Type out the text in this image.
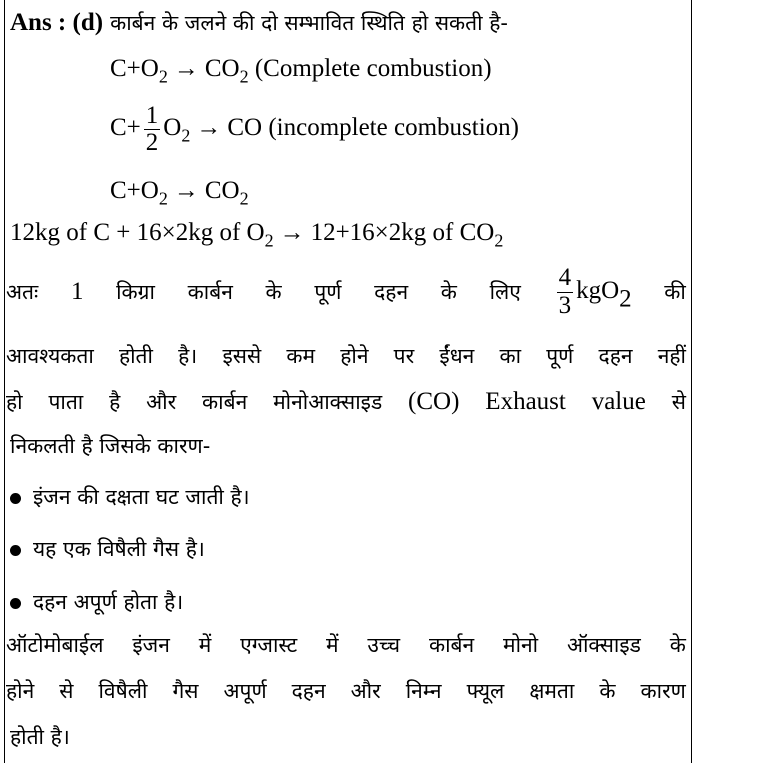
Ans : (d) कार्बन के जलने की दो सम्भावित स्थिति हो सकती है-
$C+O_2 \to CO_2$ (Complete combustion)
$C+ \frac{1}{2} O_2$ → CO (incomplete combustion)
$C+O_2 \to CO_2$
12kg of C + 16×2kg of $O_2 \to 12+16\times 2kg$ of $CO_2$
अतः 1 किग्रा कार्बन के पूर्ण दहन के लिए $\frac{4}{3} kgO_2$ की
आवश्यकता होती है। इससे कम होने पर ईंधन का पूर्ण दहन नहीं
हो पाता है और कार्बन मोनोआक्साइड (CO) Exhaust value से
निकलती है जिसके कारण-
इंजन की दक्षता घट जाती है।
यह एक विषैली गैस है।
दहन अपूर्ण होता है।
ऑटोमोबाईल इंजन में एग्जास्ट में उच्च कार्बन मोनो ऑक्साइड के
होने से विषैली गैस अपूर्ण दहन और निम्न फ्यूल क्षमता के कारण
होती है।
